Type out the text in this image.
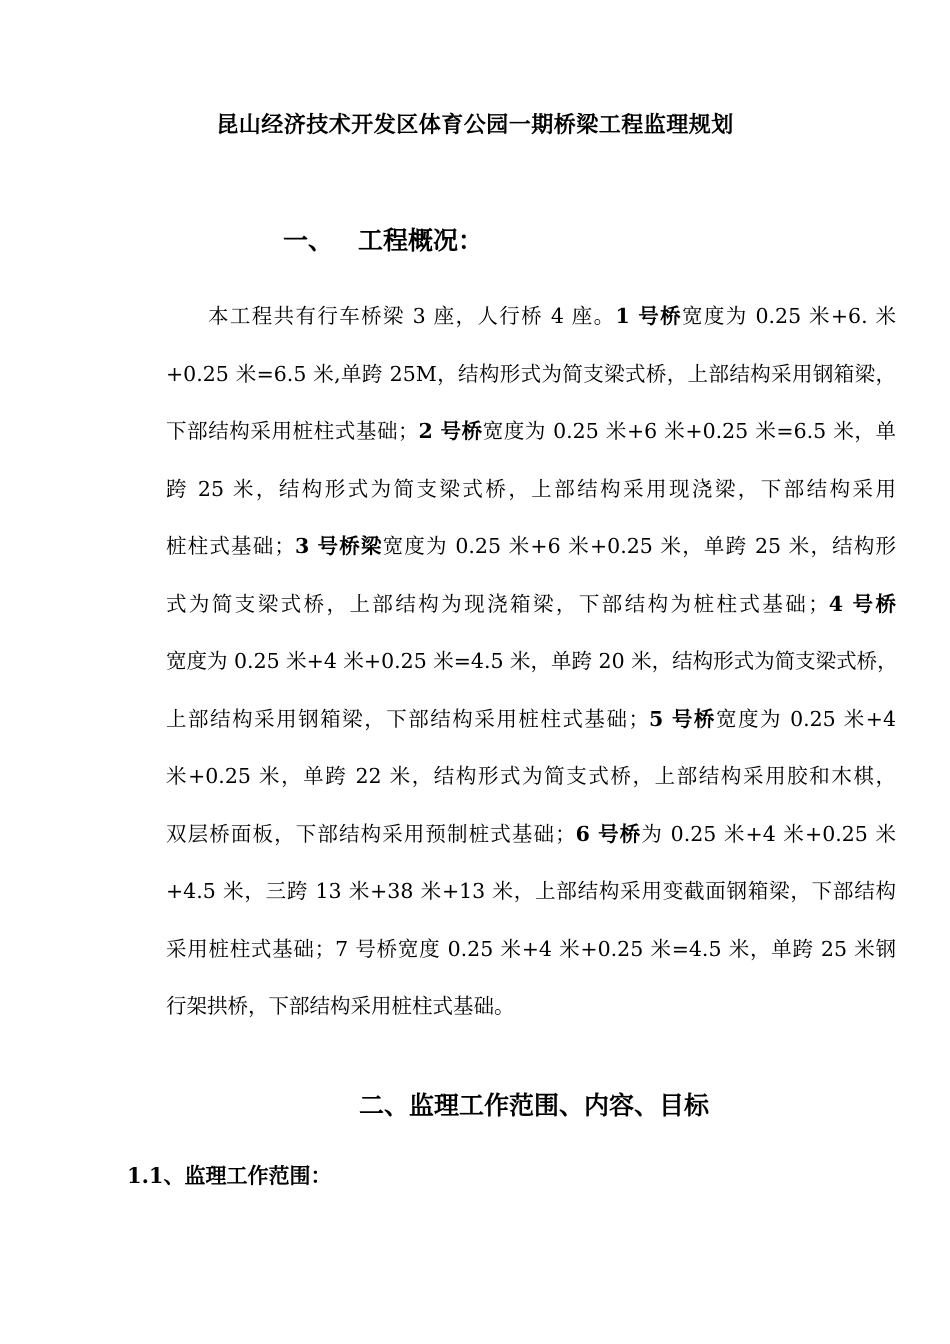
昆山经济技术开发区体育公园一期桥梁工程监理规划
一、 工程概况：
本工程共有行车桥梁 3 座，人行桥 4 座。1 号桥宽度为 0.25 米+6. 米
+0.25 米=6.5 米,单跨 25M，结构形式为简支梁式桥，上部结构采用钢箱梁，
下部结构采用桩柱式基础；2 号桥宽度为 0.25 米+6 米+0.25 米=6.5 米，单
跨 25 米，结构形式为简支梁式桥，上部结构采用现浇梁，下部结构采用
桩柱式基础；3 号桥梁宽度为 0.25 米+6 米+0.25 米，单跨 25 米，结构形
式为简支梁式桥，上部结构为现浇箱梁，下部结构为桩柱式基础；4 号桥
宽度为 0.25 米+4 米+0.25 米=4.5 米，单跨 20 米，结构形式为简支梁式桥，
上部结构采用钢箱梁，下部结构采用桩柱式基础；5 号桥宽度为 0.25 米+4
米+0.25 米，单跨 22 米，结构形式为简支式桥，上部结构采用胶和木棋，
双层桥面板，下部结构采用预制桩式基础；6 号桥为 0.25 米+4 米+0.25 米
+4.5 米，三跨 13 米+38 米+13 米，上部结构采用变截面钢箱梁，下部结构
采用桩柱式基础；7 号桥宽度 0.25 米+4 米+0.25 米=4.5 米，单跨 25 米钢
行架拱桥，下部结构采用桩柱式基础。
二、监理工作范围、内容、目标
1.1、监理工作范围：
